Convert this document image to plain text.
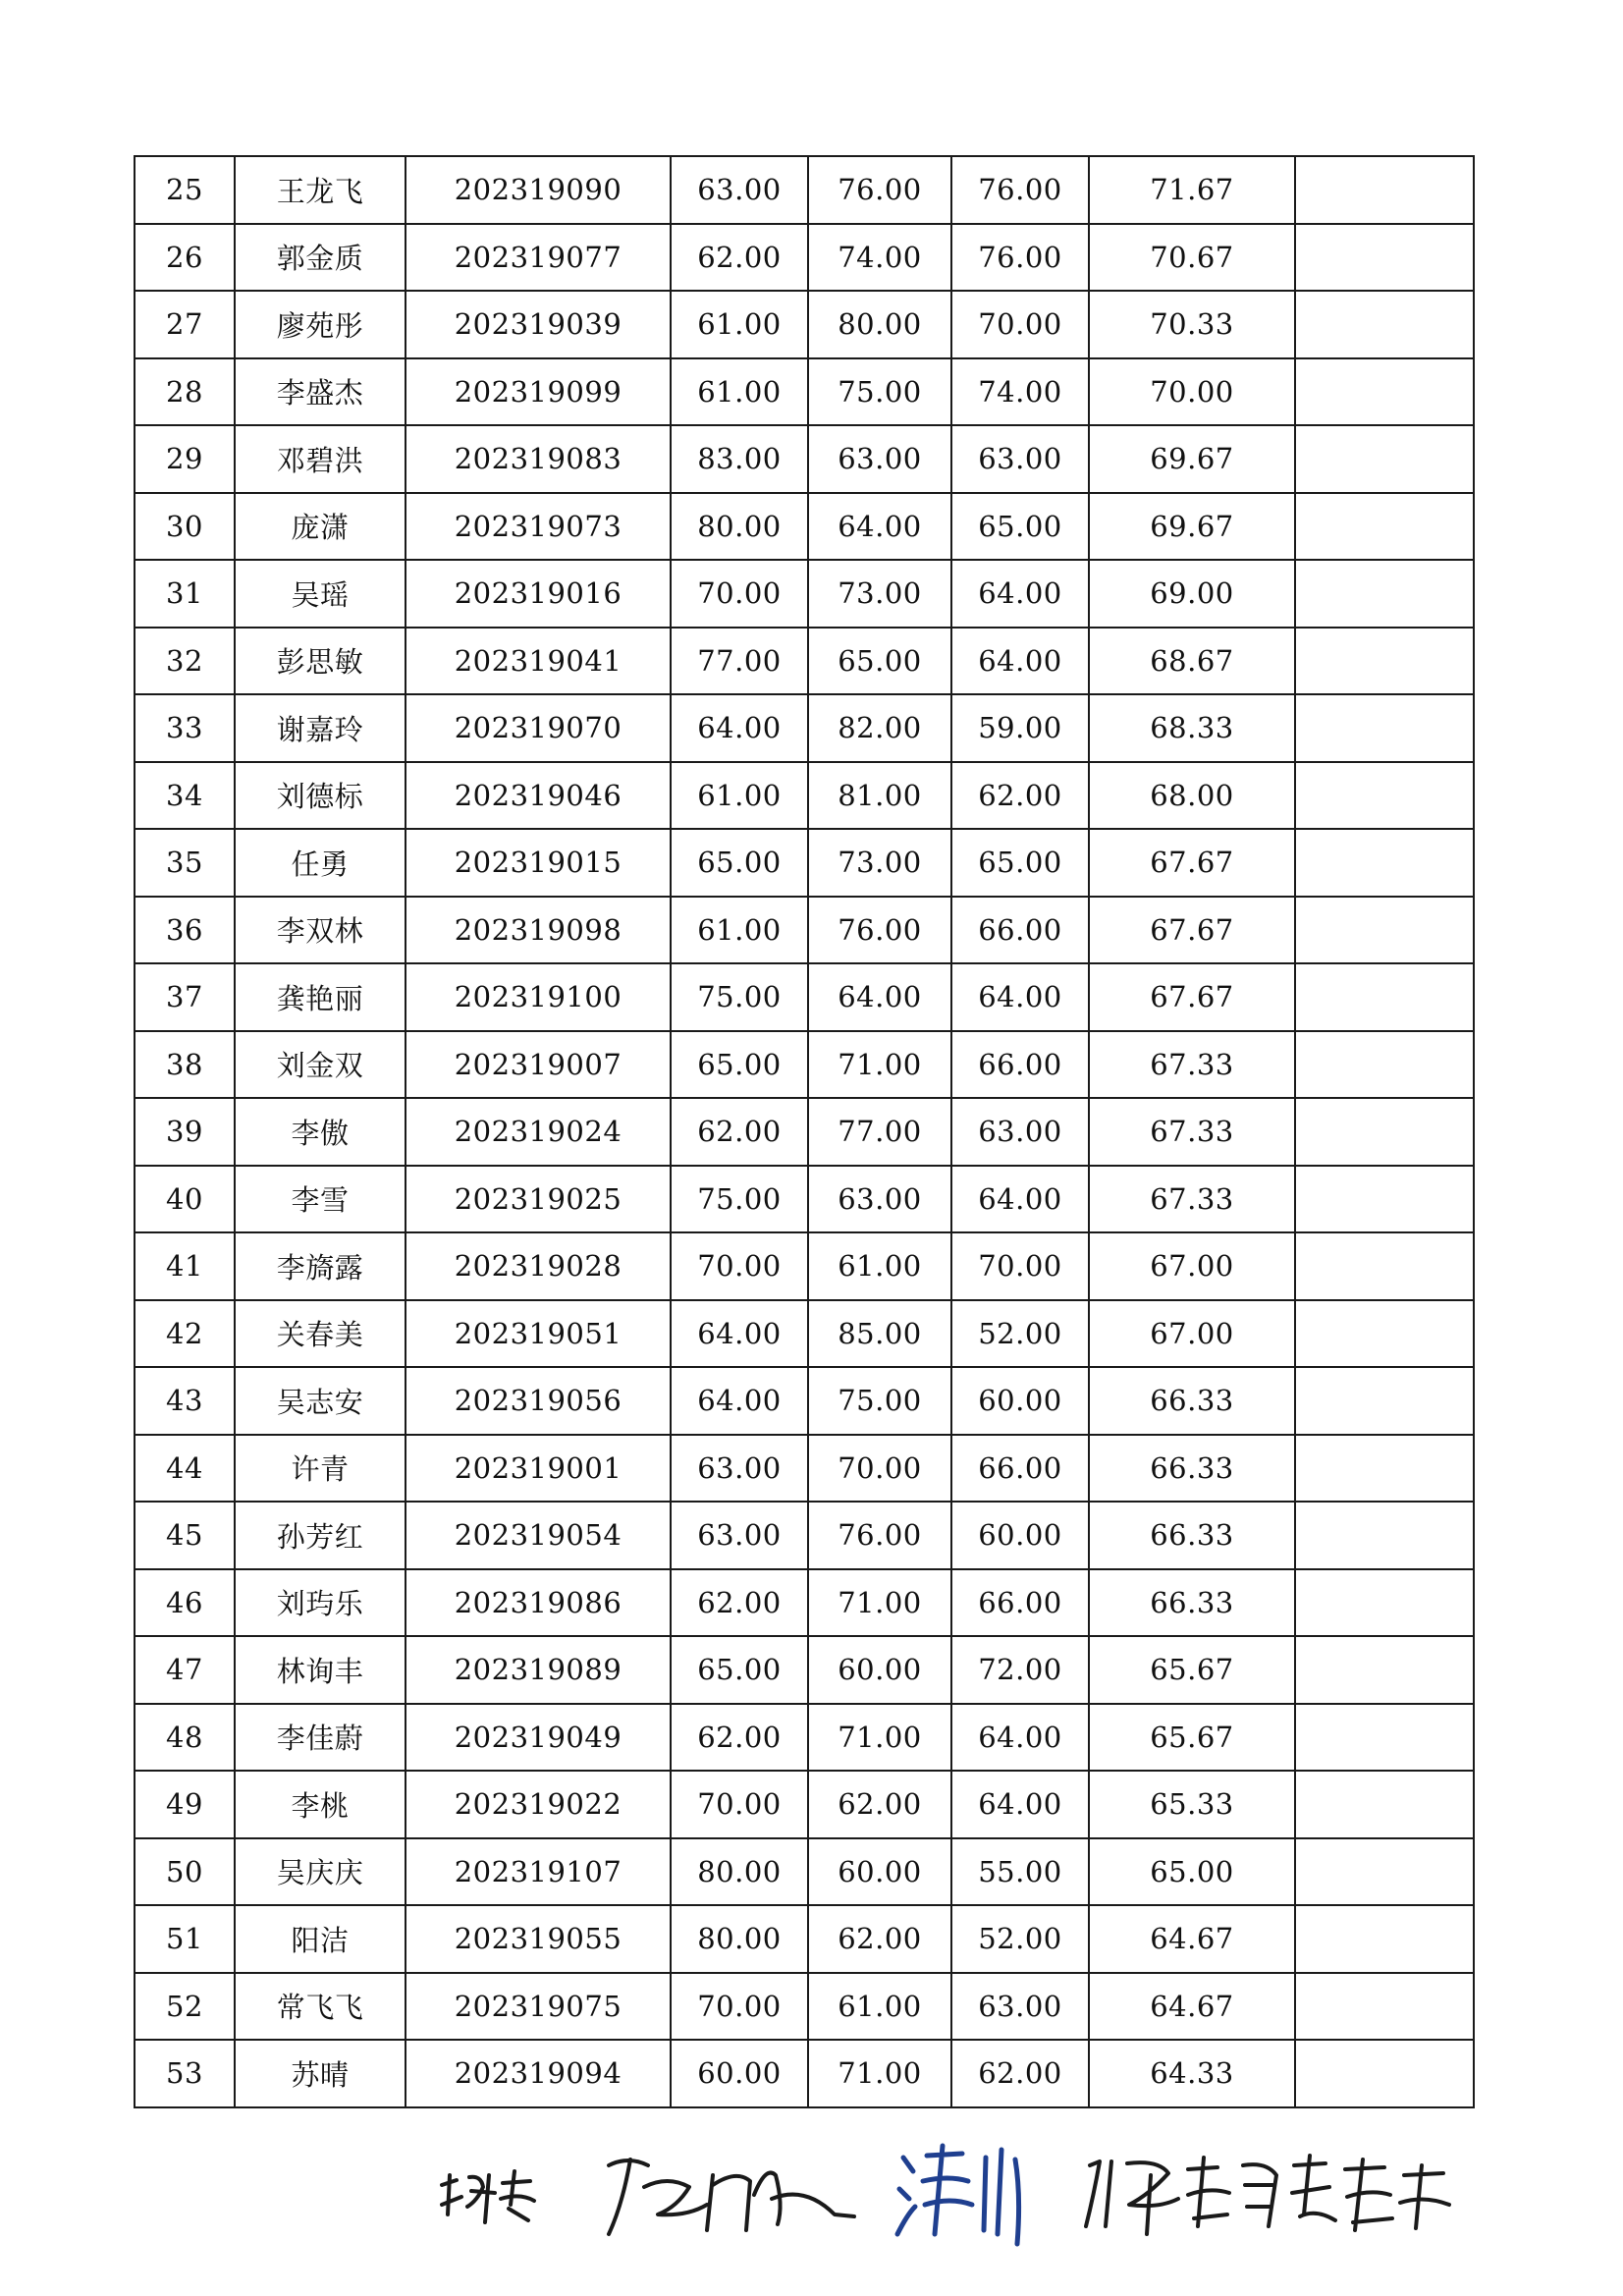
25	王龙飞	202319090	63.00	76.00	76.00	71.67	
26	郭金质	202319077	62.00	74.00	76.00	70.67	
27	廖苑彤	202319039	61.00	80.00	70.00	70.33	
28	李盛杰	202319099	61.00	75.00	74.00	70.00	
29	邓碧洪	202319083	83.00	63.00	63.00	69.67	
30	庞潇	202319073	80.00	64.00	65.00	69.67	
31	吴瑶	202319016	70.00	73.00	64.00	69.00	
32	彭思敏	202319041	77.00	65.00	64.00	68.67	
33	谢嘉玲	202319070	64.00	82.00	59.00	68.33	
34	刘德标	202319046	61.00	81.00	62.00	68.00	
35	任勇	202319015	65.00	73.00	65.00	67.67	
36	李双林	202319098	61.00	76.00	66.00	67.67	
37	龚艳丽	202319100	75.00	64.00	64.00	67.67	
38	刘金双	202319007	65.00	71.00	66.00	67.33	
39	李傲	202319024	62.00	77.00	63.00	67.33	
40	李雪	202319025	75.00	63.00	64.00	67.33	
41	李旖露	202319028	70.00	61.00	70.00	67.00	
42	关春美	202319051	64.00	85.00	52.00	67.00	
43	吴志安	202319056	64.00	75.00	60.00	66.33	
44	许青	202319001	63.00	70.00	66.00	66.33	
45	孙芳红	202319054	63.00	76.00	60.00	66.33	
46	刘玙乐	202319086	62.00	71.00	66.00	66.33	
47	林询丰	202319089	65.00	60.00	72.00	65.67	
48	李佳蔚	202319049	62.00	71.00	64.00	65.67	
49	李桃	202319022	70.00	62.00	64.00	65.33	
50	吴庆庆	202319107	80.00	60.00	55.00	65.00	
51	阳洁	202319055	80.00	62.00	52.00	64.67	
52	常飞飞	202319075	70.00	61.00	63.00	64.67	
53	苏晴	202319094	60.00	71.00	62.00	64.33	
